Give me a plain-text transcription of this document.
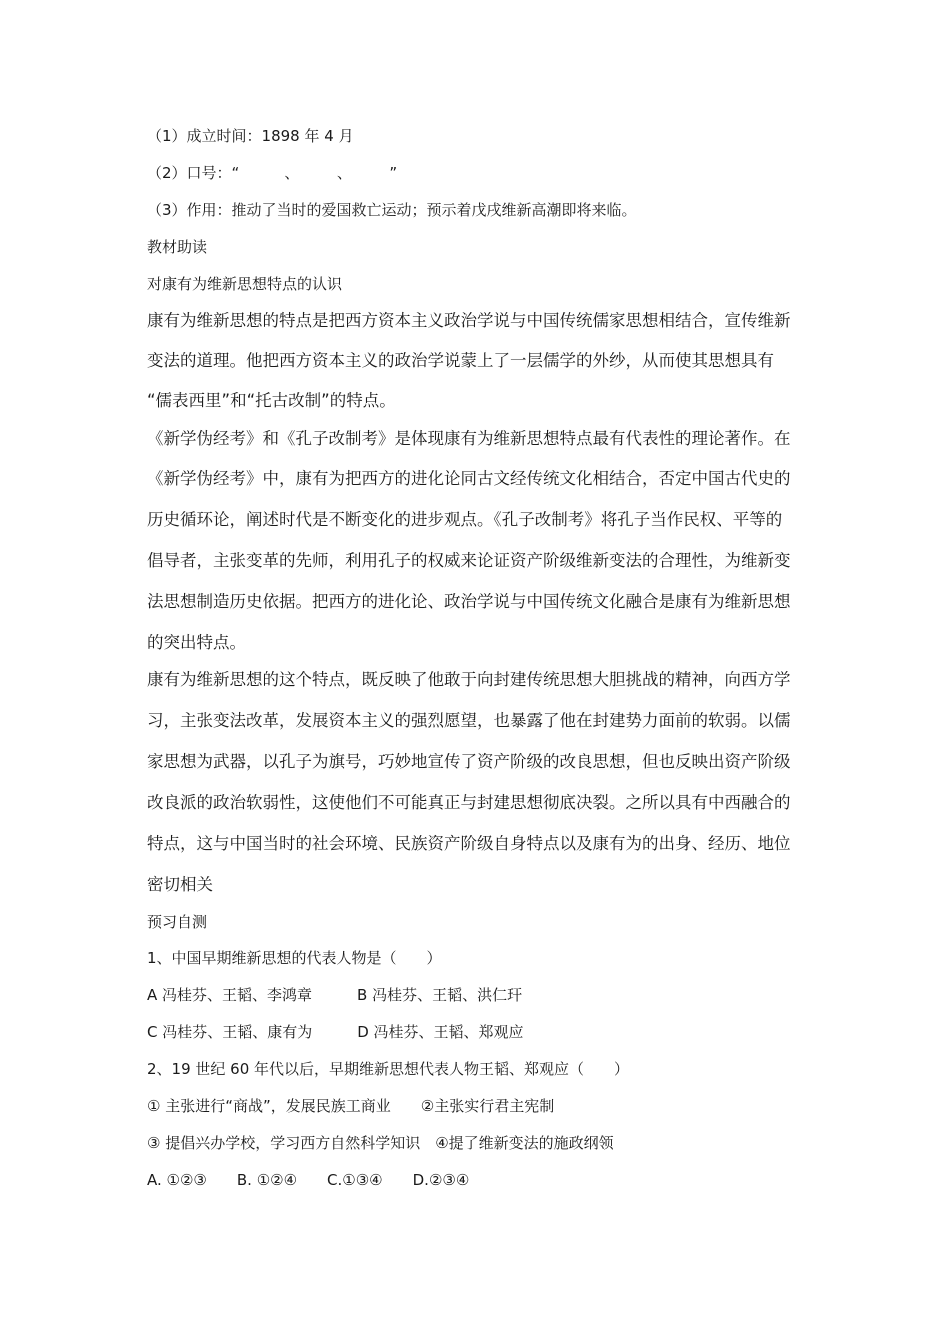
（1）成立时间：1898 年 4 月
（2）口号：“　　　、　　　、　　　”
（3）作用：推动了当时的爱国救亡运动；预示着戊戌维新高潮即将来临。
教材助读
对康有为维新思想特点的认识
康有为维新思想的特点是把西方资本主义政治学说与中国传统儒家思想相结合，宣传维新
变法的道理。他把西方资本主义的政治学说蒙上了一层儒学的外纱，从而使其思想具有
“儒表西里”和“托古改制”的特点。
《新学伪经考》和《孔子改制考》是体现康有为维新思想特点最有代表性的理论著作。在
《新学伪经考》中，康有为把西方的进化论同古文经传统文化相结合，否定中国古代史的
历史循环论，阐述时代是不断变化的进步观点。《孔子改制考》将孔子当作民权、平等的
倡导者，主张变革的先师，利用孔子的权威来论证资产阶级维新变法的合理性，为维新变
法思想制造历史依据。把西方的进化论、政治学说与中国传统文化融合是康有为维新思想
的突出特点。
康有为维新思想的这个特点，既反映了他敢于向封建传统思想大胆挑战的精神，向西方学
习，主张变法改革，发展资本主义的强烈愿望，也暴露了他在封建势力面前的软弱。以儒
家思想为武器，以孔子为旗号，巧妙地宣传了资产阶级的改良思想，但也反映出资产阶级
改良派的政治软弱性，这使他们不可能真正与封建思想彻底决裂。之所以具有中西融合的
特点，这与中国当时的社会环境、民族资产阶级自身特点以及康有为的出身、经历、地位
密切相关
预习自测
1、中国早期维新思想的代表人物是（　　）
A 冯桂芬、王韬、李鸿章　　　B 冯桂芬、王韬、洪仁玕
C 冯桂芬、王韬、康有为　　　D 冯桂芬、王韬、郑观应
2、19 世纪 60 年代以后，早期维新思想代表人物王韬、郑观应（　　）
① 主张进行“商战”，发展民族工商业　　②主张实行君主宪制
③ 提倡兴办学校，学习西方自然科学知识　④提了维新变法的施政纲领
A. ①②③　　B. ①②④　　C.①③④　　D.②③④
